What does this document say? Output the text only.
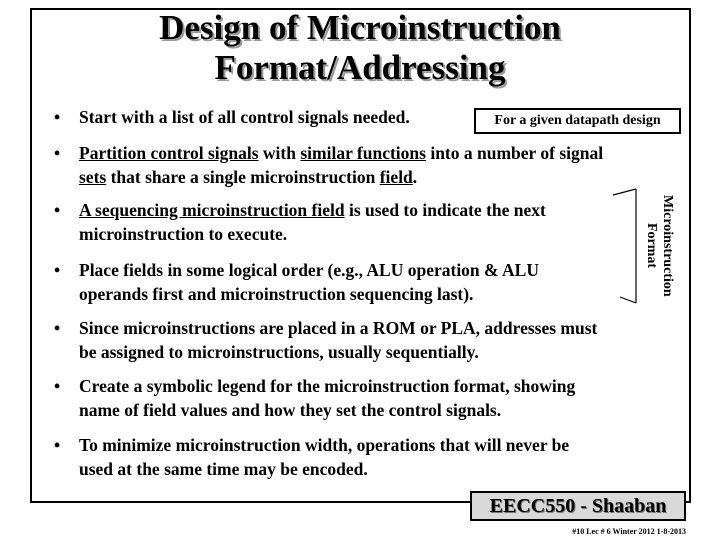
Design of Microinstruction
Format/Addressing
• Start with a list of all control signals needed.	For a given datapath design
• Partition control signals with similar functions into a number of signal
sets that share a single microinstruction field.
• A sequencing microinstruction field is used to indicate the next
microinstruction to execute.
• Place fields in some logical order (e.g., ALU operation & ALU
operands first and microinstruction sequencing last).	Microinstruction
Format
• Since microinstructions are placed in a ROM or PLA, addresses must
be assigned to microinstructions, usually sequentially.
• Create a symbolic legend for the microinstruction format, showing
name of field values and how they set the control signals.
• To minimize microinstruction width, operations that will never be
used at the same time may be encoded.
EECC550 - Shaaban
#10 Lec # 6 Winter 2012 1-8-2013
